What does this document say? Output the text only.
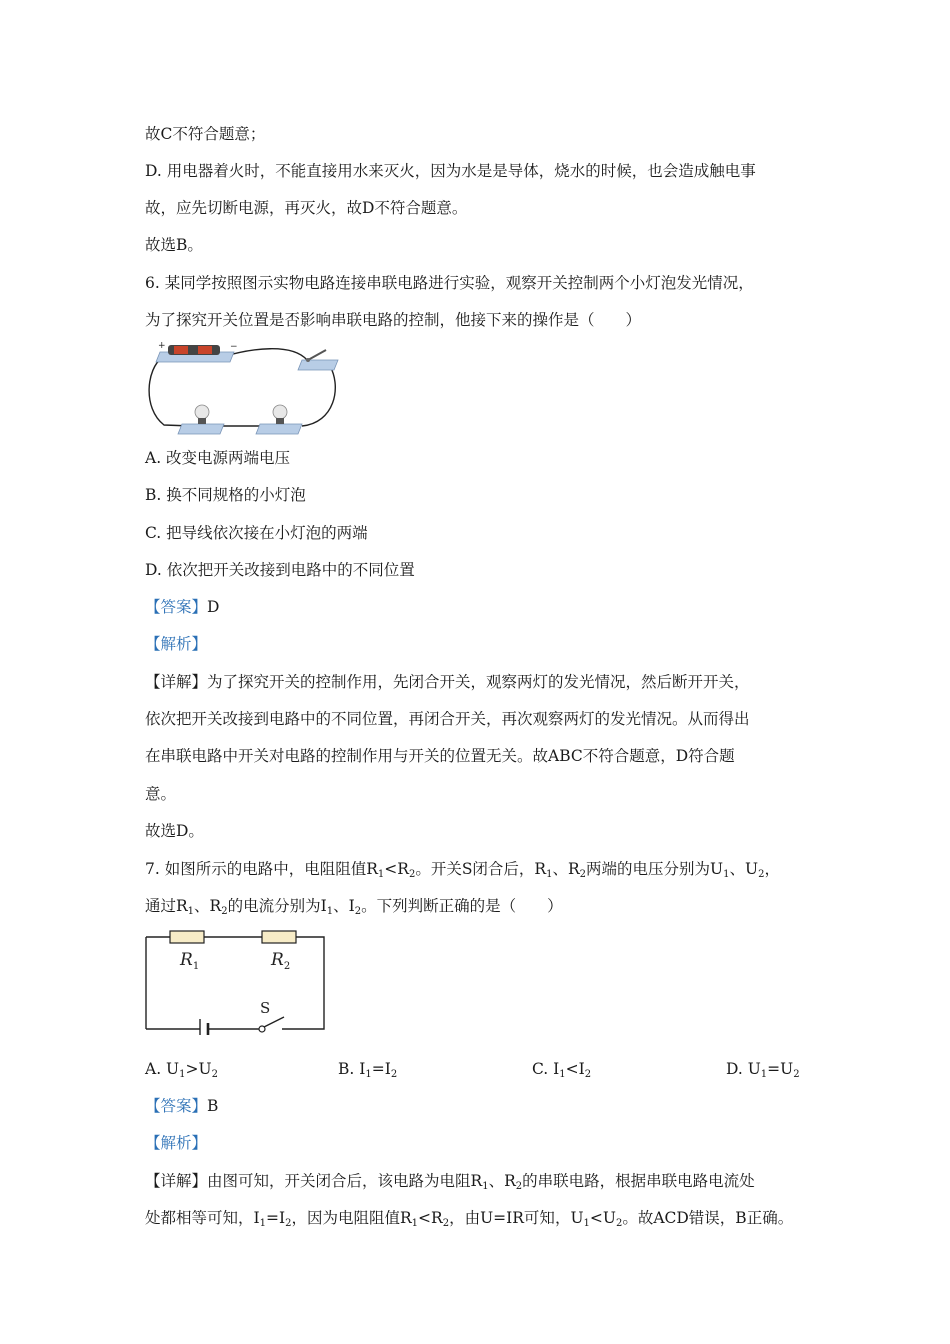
故C不符合题意；
D. 用电器着火时，不能直接用水来灭火，因为水是是导体，烧水的时候，也会造成触电事
故，应先切断电源，再灭火，故D不符合题意。
故选B。
6. 某同学按照图示实物电路连接串联电路进行实验，观察开关控制两个小灯泡发光情况，
为了探究开关位置是否影响串联电路的控制，他接下来的操作是（　　）
+	−
A. 改变电源两端电压
B. 换不同规格的小灯泡
C. 把导线依次接在小灯泡的两端
D. 依次把开关改接到电路中的不同位置
【答案】D
【解析】
【详解】为了探究开关的控制作用，先闭合开关，观察两灯的发光情况，然后断开开关，
依次把开关改接到电路中的不同位置，再闭合开关，再次观察两灯的发光情况。从而得出
在串联电路中开关对电路的控制作用与开关的位置无关。故ABC不符合题意，D符合题
意。
故选D。
7. 如图所示的电路中，电阻阻值$R_1<R_2$。开关S闭合后，$R_1$、$R_2$两端的电压分别为$U_1$、$U_2$，
通过$R_1$、$R_2$的电流分别为$I_1$、$I_2$。下列判断正确的是（　　）
$R_1$	$R_2$
S
A. $U_1>U_2$	B. $I_1=I_2$	C. $I_1<I_2$	D. $U_1=U_2$
【答案】B
【解析】
【详解】由图可知，开关闭合后，该电路为电阻$R_1$、$R_2$的串联电路，根据串联电路电流处
处都相等可知，$I_1=I_2$，因为电阻阻值$R_1<R_2$，由U=IR可知，$U_1<U_2$。故ACD错误，B正确。
